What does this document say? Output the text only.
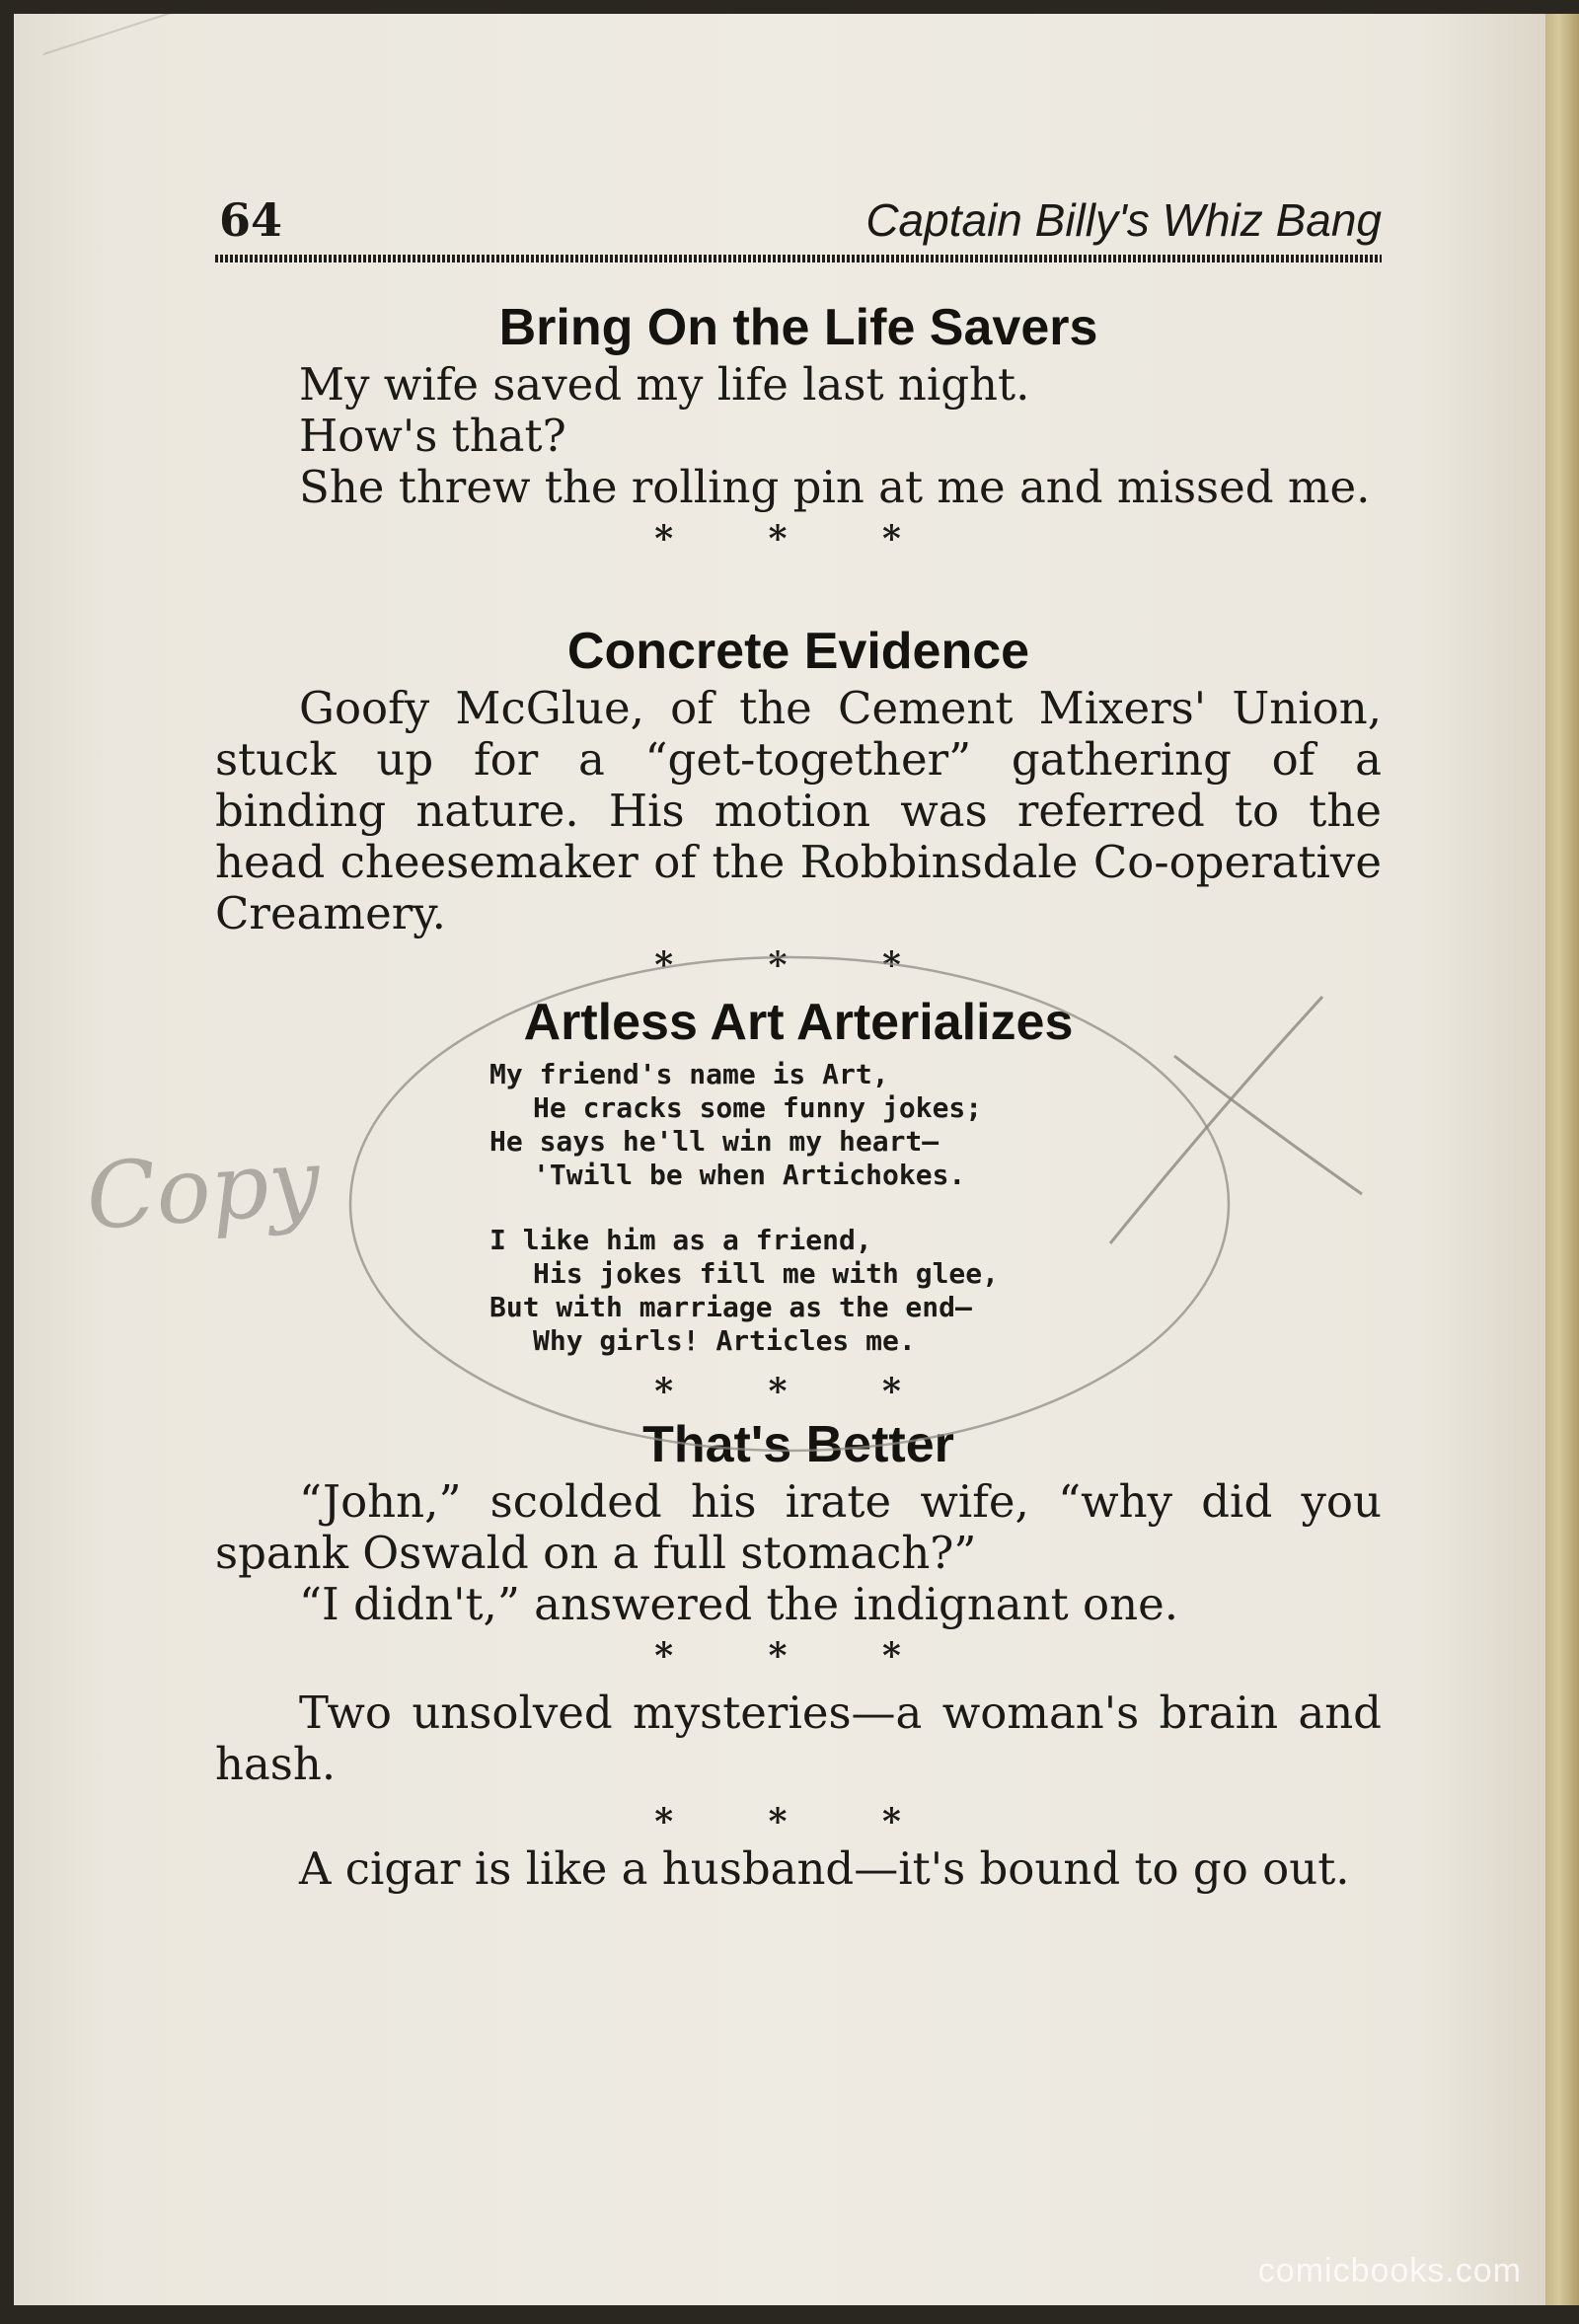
64	Captain Billy's Whiz Bang
Bring On the Life Savers

My wife saved my life last night.

How's that?

She threw the rolling pin at me and missed me.

* * *
Concrete Evidence

Goofy McGlue, of the Cement Mixers' Union, stuck up for a “get-together” gathering of a binding nature. His motion was referred to the head cheesemaker of the Robbinsdale Co-operative Creamery.

* * *
Artless Art Arterializes
My friend's name is Art,
He cracks some funny jokes;
He says he'll win my heart—
'Twill be when Artichokes.
I like him as a friend,
His jokes fill me with glee,
But with marriage as the end—
Why girls! Articles me.
* * *
That's Better

“John,” scolded his irate wife, “why did you spank Oswald on a full stomach?”

“I didn't,” answered the indignant one.

* * *

Two unsolved mysteries—a woman's brain and hash.

* * *

A cigar is like a husband—it's bound to go out.

Copy
comicbooks.com
